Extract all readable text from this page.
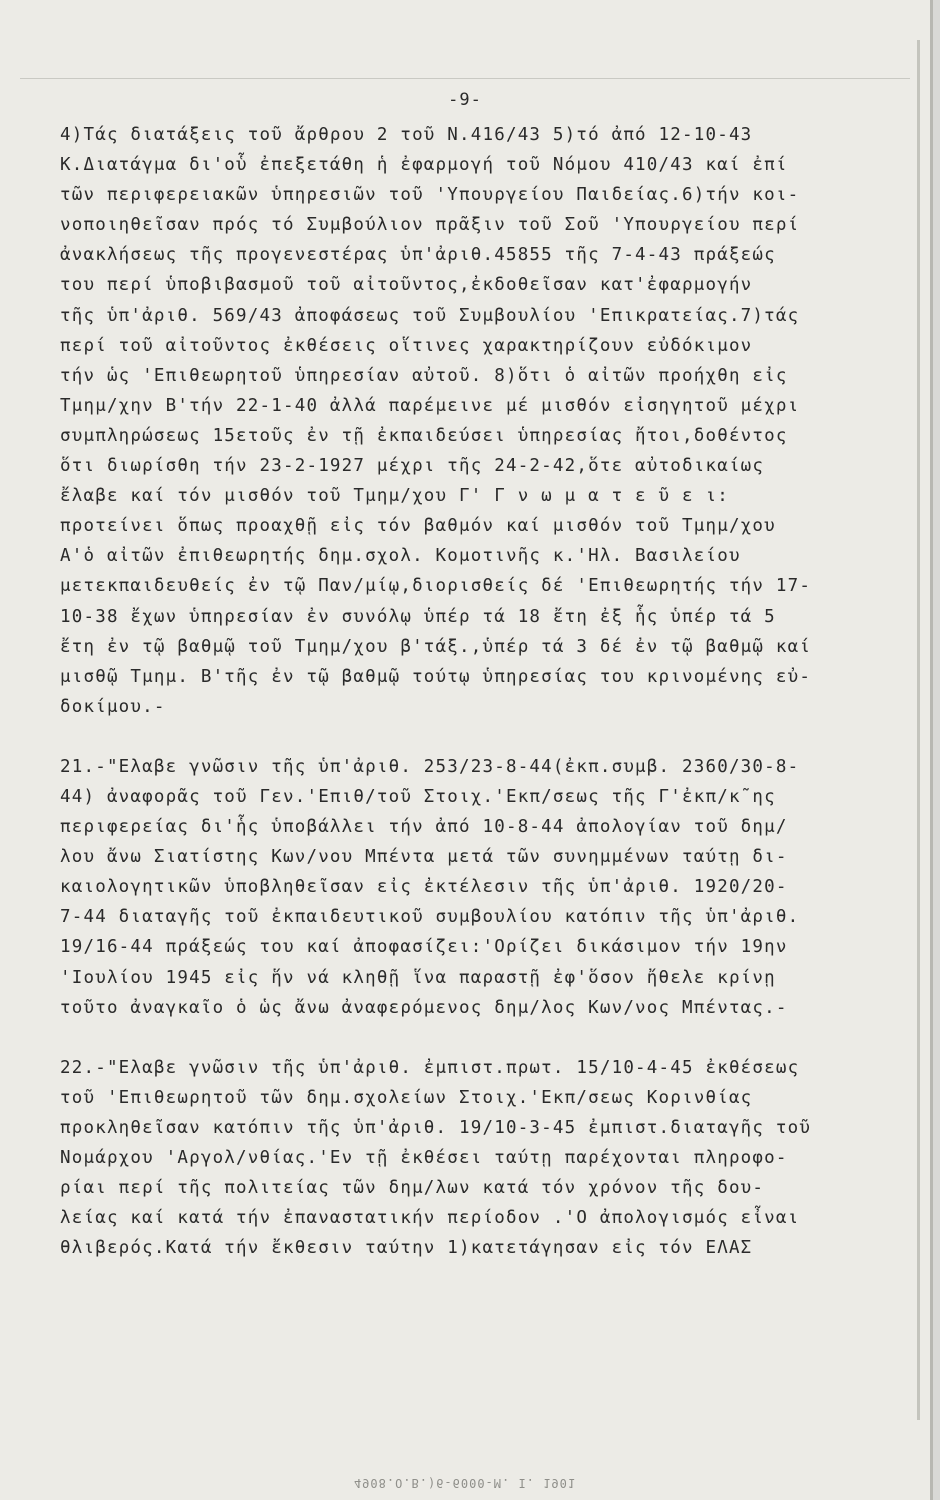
-9-
4)Τάς διατάξεις τοῦ ἄρθρου 2 τοῦ Ν.416/43 5)τό ἀπό 12-10-43
Κ.Διατάγμα δι'οὗ ἐπεξετάθη ἡ ἐφαρμογή τοῦ Νόμου 410/43 καί ἐπί
τῶν περιφερειακῶν ὑπηρεσιῶν τοῦ 'Υπουργείου Παιδείας.6)τήν κοι-
νοποιηθεῖσαν πρός τό Συμβούλιον πρᾶξιν τοῦ Σοῦ 'Υπουργείου περί
ἀνακλήσεως τῆς προγενεστέρας ὑπ'ἀριθ.45855 τῆς 7-4-43 πράξεώς
του περί ὑποβιβασμοῦ τοῦ αἰτοῦντος,ἐκδοθεῖσαν κατ'ἐφαρμογήν
τῆς ὑπ'ἀριθ. 569/43 ἀποφάσεως τοῦ Συμβουλίου 'Επικρατείας.7)τάς
περί τοῦ αἰτοῦντος ἐκθέσεις οἵτινες χαρακτηρίζουν εὐδόκιμον
τήν ὡς 'Επιθεωρητοῦ ὑπηρεσίαν αὐτοῦ. 8)ὅτι ὁ αἰτῶν προήχθη εἰς
Τμημ/χην Β'τήν 22-1-40 ἀλλά παρέμεινε μέ μισθόν εἰσηγητοῦ μέχρι
συμπληρώσεως 15ετοῦς ἐν τῇ ἐκπαιδεύσει ὑπηρεσίας ἤτοι,δοθέντος
ὅτι διωρίσθη τήν 23-2-1927 μέχρι τῆς 24-2-42,ὅτε αὐτοδικαίως
ἔλαβε καί τόν μισθόν τοῦ Τμημ/χου Γ' Γ ν ω μ α τ ε ῦ ε ι:
προτείνει ὅπως προαχθῇ εἰς τόν βαθμόν καί μισθόν τοῦ Τμημ/χου
Α'ὁ αἰτῶν ἐπιθεωρητής δημ.σχολ. Κομοτινῆς κ.'Ηλ. Βασιλείου
μετεκπαιδευθείς ἐν τῷ Παν/μίῳ,διορισθείς δέ 'Επιθεωρητής τήν 17-
10-38 ἔχων ὑπηρεσίαν ἐν συνόλῳ ὑπέρ τά 18 ἔτη ἐξ ἧς ὑπέρ τά 5
ἔτη ἐν τῷ βαθμῷ τοῦ Τμημ/χου β'τάξ.,ὑπέρ τά 3 δέ ἐν τῷ βαθμῷ καί
μισθῷ Τμημ. Β'τῆς ἐν τῷ βαθμῷ τούτῳ ὑπηρεσίας του κρινομένης εὐ-
δοκίμου.-
21.-"Ελαβε γνῶσιν τῆς ὑπ'ἀριθ. 253/23-8-44(ἐκπ.συμβ. 2360/30-8-
44) ἀναφορᾶς τοῦ Γεν.'Επιθ/τοῦ Στοιχ.'Εκπ/σεως τῆς Γ'ἐκπ/κ῀ης
περιφερείας δι'ἧς ὑποβάλλει τήν ἀπό 10-8-44 ἀπολογίαν τοῦ δημ/
λου ἄνω Σιατίστης Κων/νου Μπέντα μετά τῶν συνημμένων ταύτῃ δι-
καιολογητικῶν ὑποβληθεῖσαν εἰς ἐκτέλεσιν τῆς ὑπ'ἀριθ. 1920/20-
7-44 διαταγῆς τοῦ ἐκπαιδευτικοῦ συμβουλίου κατόπιν τῆς ὑπ'ἀριθ.
19/16-44 πράξεώς του καί ἀποφασίζει:'Ορίζει δικάσιμον τήν 19ην
'Ιουλίου 1945 εἰς ἥν νά κληθῇ ἵνα παραστῇ ἐφ'ὅσον ἤθελε κρίνῃ
τοῦτο ἀναγκαῖο ὁ ὡς ἄνω ἀναφερόμενος δημ/λος Κων/νος Μπέντας.-
22.-"Ελαβε γνῶσιν τῆς ὑπ'ἀριθ. ἐμπιστ.πρωτ. 15/10-4-45 ἐκθέσεως
τοῦ 'Επιθεωρητοῦ τῶν δημ.σχολείων Στοιχ.'Εκπ/σεως Κορινθίας
προκληθεῖσαν κατόπιν τῆς ὑπ'ἀριθ. 19/10-3-45 ἐμπιστ.διαταγῆς τοῦ
Νομάρχου 'Αργολ/νθίας.'Εν τῇ ἐκθέσει ταύτῃ παρέχονται πληροφο-
ρίαι περί τῆς πολιτείας τῶν δημ/λων κατά τόν χρόνον τῆς δου-
λείας καί κατά τήν ἐπαναστατικήν περίοδον .'Ο ἀπολογισμός εἶναι
θλιβερός.Κατά τήν ἔκθεσιν ταύτην 1)κατετάγησαν εἰς τόν ΕΛΑΣ
4908.Ο.Β.)6-6000-Μ. Ι. 1901
